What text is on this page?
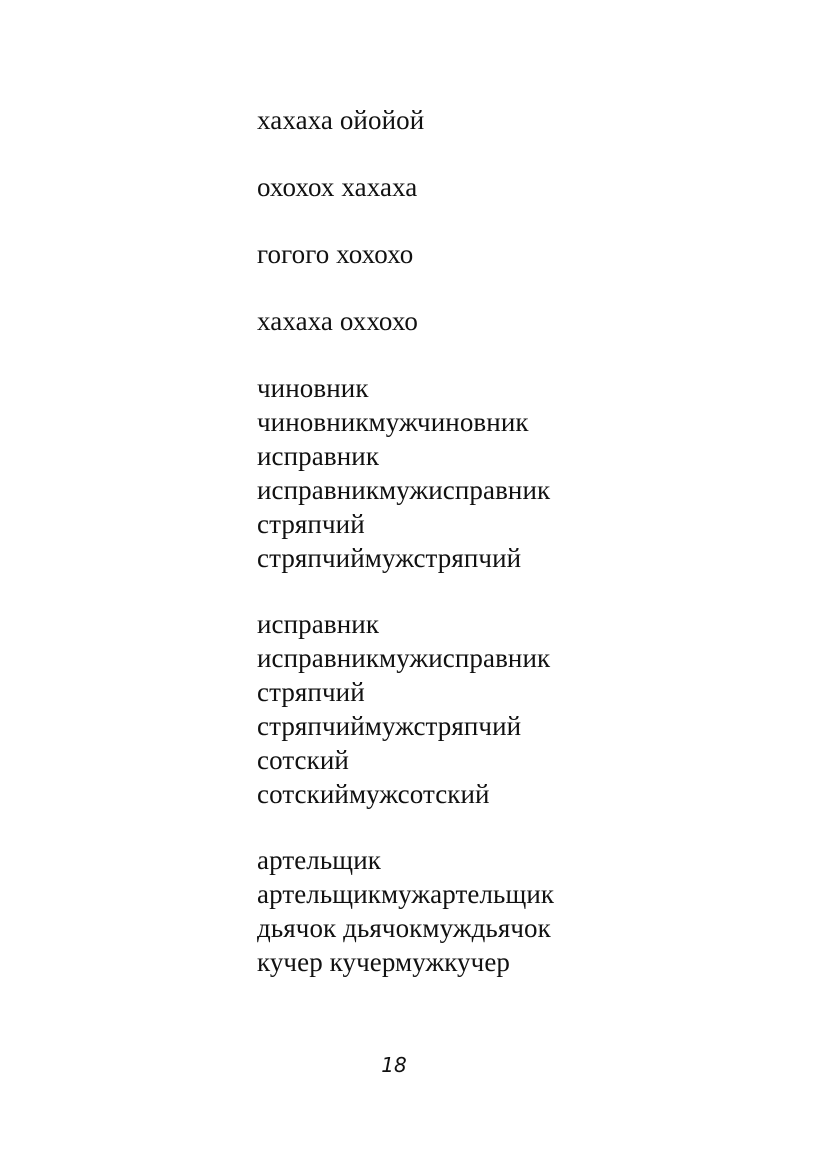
хахаха ойойой
охохох хахаха
гогого хохохо
хахаха оххохо
чиновник
чиновникмужчиновник
исправник
исправникмужисправник
стряпчий
стряпчиймужстряпчий
исправник
исправникмужисправник
стряпчий
стряпчиймужстряпчий
сотский
сотскиймужсотский
артельщик
артельщикмужартельщик
дьячок дьячокмуждьячок
кучер кучермужкучер
18
